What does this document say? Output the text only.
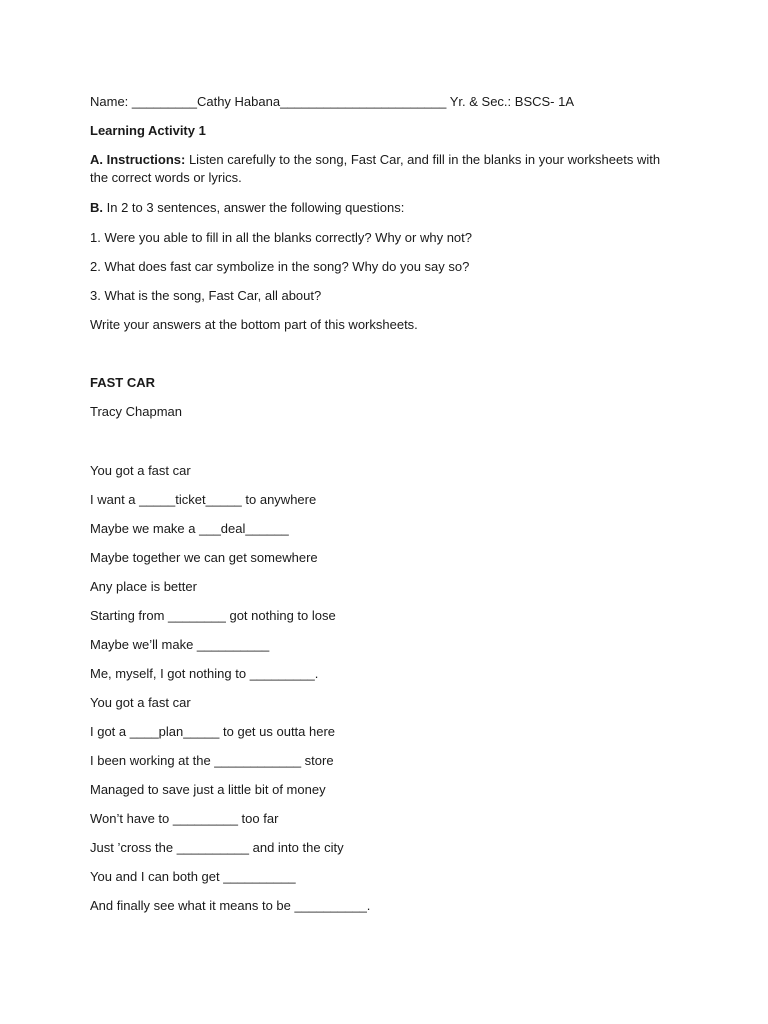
Name: _________Cathy Habana_______________________ Yr. & Sec.: BSCS- 1A
Learning Activity 1
A. Instructions: Listen carefully to the song, Fast Car, and fill in the blanks in your worksheets with the correct words or lyrics.
B. In 2 to 3 sentences, answer the following questions:
1. Were you able to fill in all the blanks correctly? Why or why not?
2. What does fast car symbolize in the song? Why do you say so?
3. What is the song, Fast Car, all about?
Write your answers at the bottom part of this worksheets.
FAST CAR
Tracy Chapman
You got a fast car
I want a _____ticket_____ to anywhere
Maybe we make a ___deal______
Maybe together we can get somewhere
Any place is better
Starting from ________ got nothing to lose
Maybe we’ll make __________
Me, myself, I got nothing to _________.
You got a fast car
I got a ____plan_____ to get us outta here
I been working at the ____________ store
Managed to save just a little bit of money
Won’t have to _________ too far
Just ’cross the __________ and into the city
You and I can both get __________
And finally see what it means to be __________.
